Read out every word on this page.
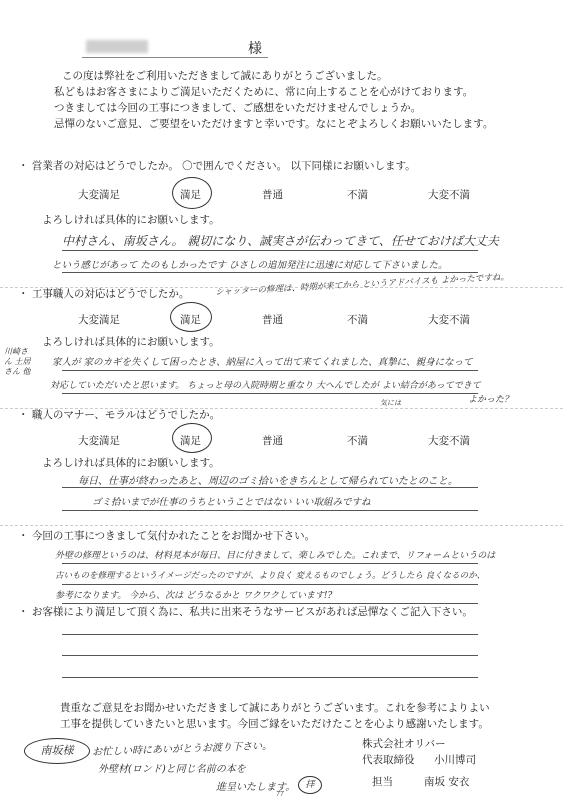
様
この度は弊社をご利用いただきまして誠にありがとうございました。
私どもはお客さまによりご満足いただくために、常に向上することを心がけております。
つきましては今回の工事につきまして、ご感想をいただけませんでしょうか。
忌憚のないご意見、ご要望をいただけますと幸いです。なにとぞよろしくお願いいたします。
・ 営業者の対応はどうでしたか。 〇で囲んでください。 以下同様にお願いします。
大変満足	満足	普通	不満	大変不満
よろしければ具体的にお願いします。
中村さん、南坂さん。 親切になり、誠実さが伝わってきて、任せておけば大丈夫
という感じがあって たのもしかったです ひさしの追加発注に迅速に対応して下さいました。
シャッターの修理は、時期が来てから というアドバイスも よかったですね。
・ 工事職人の対応はどうでしたか。
大変満足	満足	普通	不満	大変不満
よろしければ具体的にお願いします。
川崎さん 土居さん 他
家人が 家のカギを失くして困ったとき、納屋に入って出て来てくれました、真摯に、親身になって
対応していただいたと思います。 ちょっと母の入院時期と重なり 大へんでしたが よい結合があってできて
気には	よかった？
・ 職人のマナー、モラルはどうでしたか。
大変満足	満足	普通	不満	大変不満
よろしければ具体的にお願いします。
毎日、仕事が終わったあと、周辺のゴミ拾いをきちんとして帰られていたとのこと。
ゴミ拾いまでが仕事のうちということではない いい取組みですね
・ 今回の工事につきまして気付かれたことをお聞かせ下さい。
外壁の修理というのは、材料見本が毎日、目に付きまして、楽しみでした。これまで、リフォームというのは
古いものを修理するというイメージだったのですが、より良く 変えるものでしょう。どうしたら 良くなるのか、
参考になります。 今から、次は どうなるかと ワクワクしています!?
・ お客様により満足して頂く為に、私共に出来そうなサービスがあれば忌憚なくご記入下さい。
貴重なご意見をお聞かせいただきまして誠にありがとうございます。これを参考によりよい
工事を提供していきたいと思います。今回ご縁をいただけたことを心より感謝いたします。
株式会社オリバー
代表取締役 小川博司
担当	南坂 安衣
南坂様	お忙しい時にあいがとうお渡り下さい。
外壁材(ロンド)と同じ名前の本を
進呈いたします。	拝
77
